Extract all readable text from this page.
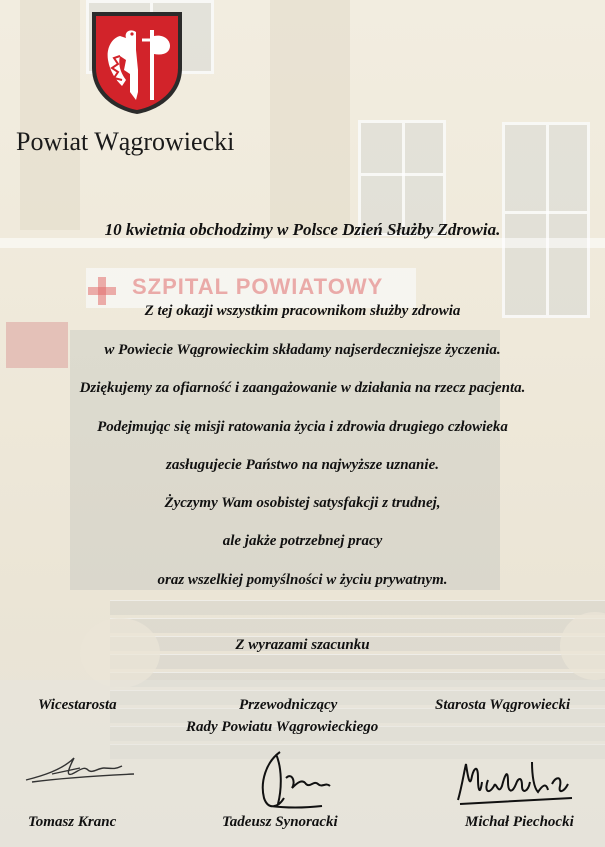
SZPITAL POWIATOWY
Powiat Wągrowiecki
10 kwietnia obchodzimy w Polsce Dzień Służby Zdrowia.
Z tej okazji wszystkim pracownikom służby zdrowia
w Powiecie Wągrowieckim składamy najserdeczniejsze życzenia.
Dziękujemy za ofiarność i zaangażowanie w działania na rzecz pacjenta.
Podejmując się misji ratowania życia i zdrowia drugiego człowieka
zasługujecie Państwo na najwyższe uznanie.
Życzymy Wam osobistej satysfakcji z trudnej,
ale jakże potrzebnej pracy
oraz wszelkiej pomyślności w życiu prywatnym.
Z wyrazami szacunku
Wicestarosta	Przewodniczący
Rady Powiatu Wągrowieckiego
Starosta Wągrowiecki
Tomasz Kranc	Tadeusz Synoracki	Michał Piechocki
